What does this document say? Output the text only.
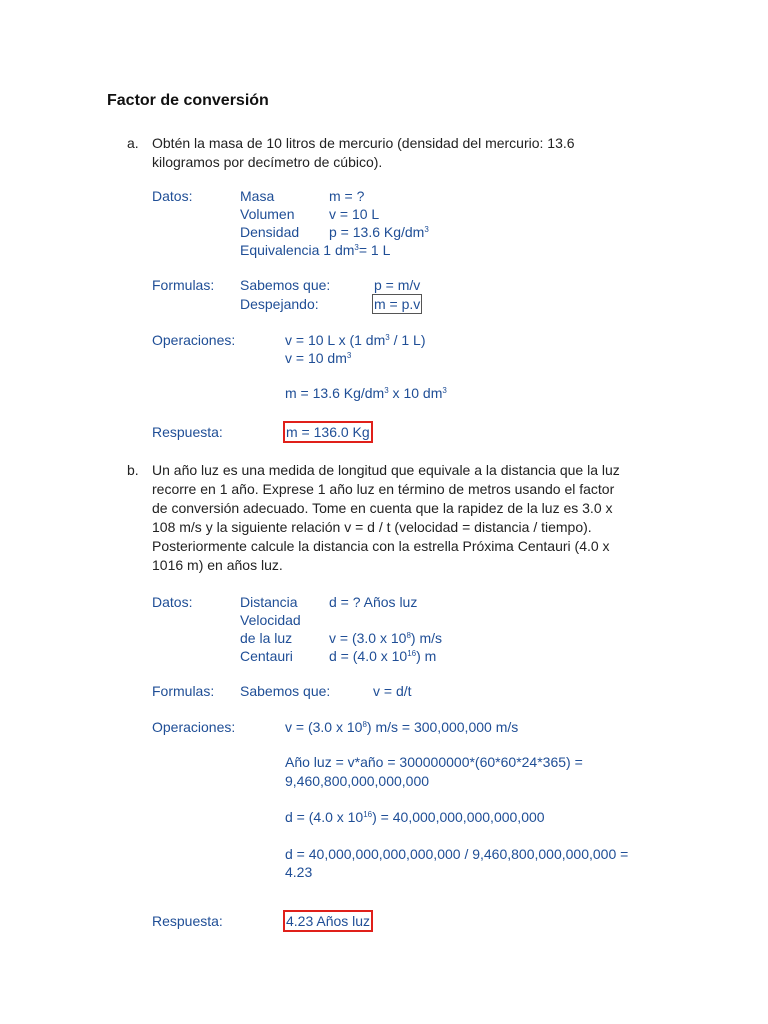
Factor de conversión
a. Obtén la masa de 10 litros de mercurio (densidad del mercurio: 13.6
kilogramos por decímetro de cúbico).
Datos:	Masa	m = ?
Volumen v = 10 L
Densidad p = 13.6 $Kg/dm^3$
Equivalencia 1 $dm^3= 1$ L
Formulas: Sabemos que:	p = m/v
Despejando:	m = p.v
Operaciones:	v = 10 L x (1 $dm^3 / 1$ L)
v = 10 $dm^3$
m = 13.6 $Kg/dm^3$ x 10 $dm^3$
Respuesta:	m = 136.0 Kg
b. Un año luz es una medida de longitud que equivale a la distancia que la luz
recorre en 1 año. Exprese 1 año luz en término de metros usando el factor
de conversión adecuado. Tome en cuenta que la rapidez de la luz es 3.0 x
108 m/s y la siguiente relación v = d / t (velocidad = distancia / tiempo).
Posteriormente calcule la distancia con la estrella Próxima Centauri (4.0 x
1016 m) en años luz.
Datos:	Distancia d = ? Años luz
Velocidad
de la luz	v = (3.0 x $10^8$) m/s
Centauri	d = (4.0 x $10^{16}$) m
Formulas: Sabemos que:	v = d/t
Operaciones:	v = (3.0 x $10^8$) m/s = 300,000,000 m/s
Año luz = v*año = 300000000*(60*60*24*365) =
9,460,800,000,000,000
d = (4.0 x $10^{16}) = 40,000,000,000,000,000$
d = 40,000,000,000,000,000 / 9,460,800,000,000,000 =
4.23
Respuesta:	4.23 Años luz
